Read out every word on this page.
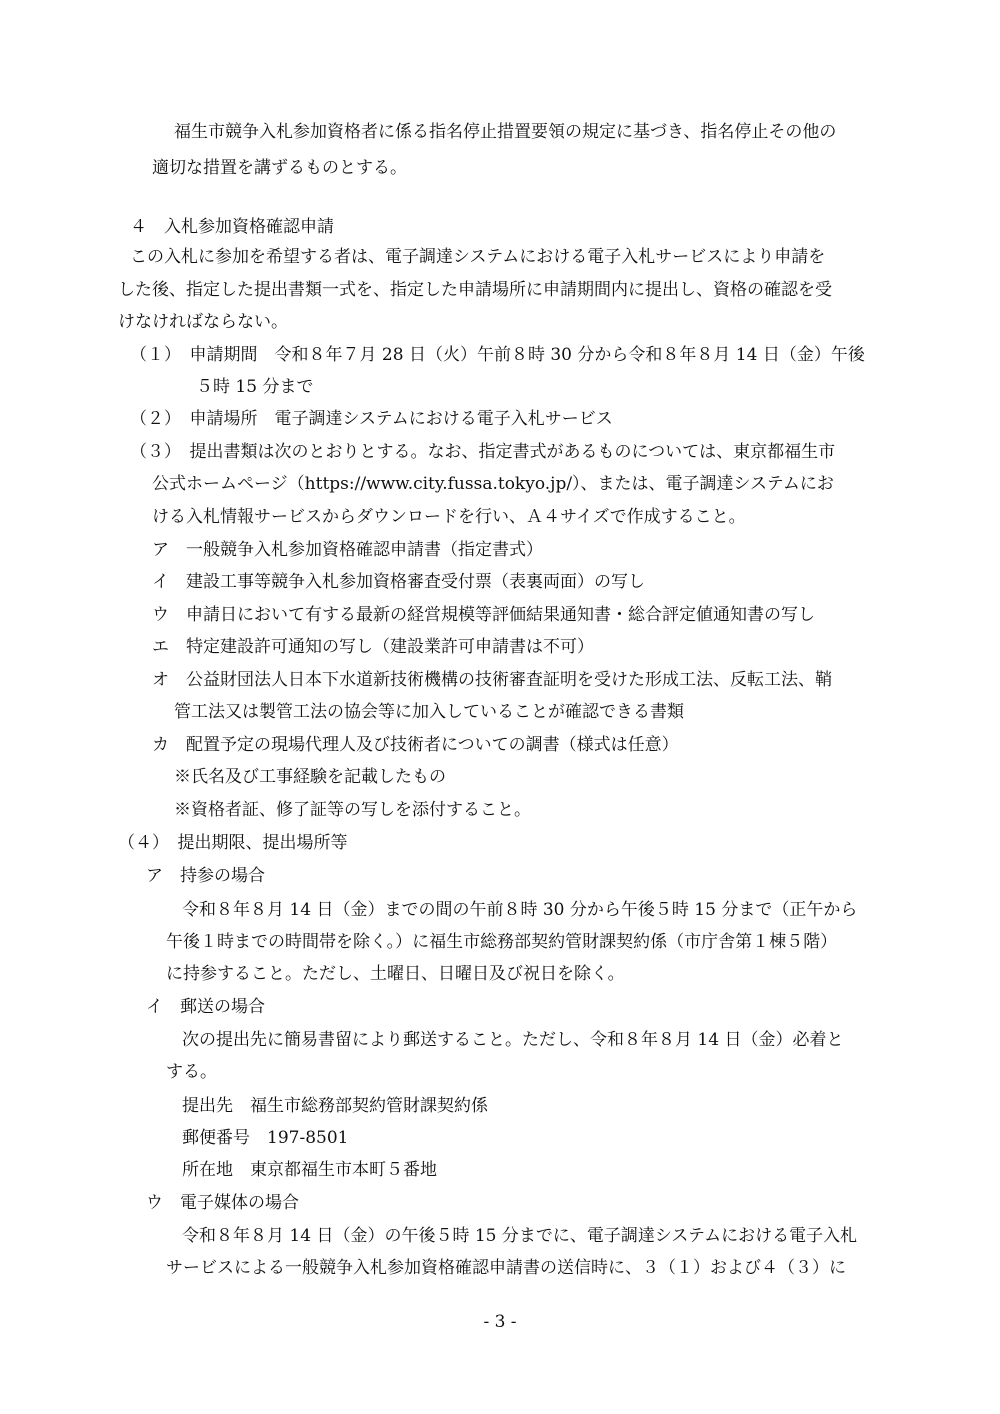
福生市競争入札参加資格者に係る指名停止措置要領の規定に基づき、指名停止その他の
適切な措置を講ずるものとする。
４　入札参加資格確認申請
この入札に参加を希望する者は、電子調達システムにおける電子入札サービスにより申請を
した後、指定した提出書類一式を、指定した申請場所に申請期間内に提出し、資格の確認を受
けなければならない。
（１）　申請期間　令和８年７月 28 日（火）午前８時 30 分から令和８年８月 14 日（金）午後
５時 15 分まで
（２）　申請場所　電子調達システムにおける電子入札サービス
（３）　提出書類は次のとおりとする。なお、指定書式があるものについては、東京都福生市
公式ホームページ（https://www.city.fussa.tokyo.jp/）、または、電子調達システムにお
ける入札情報サービスからダウンロードを行い、Ａ４サイズで作成すること。
ア　一般競争入札参加資格確認申請書（指定書式）
イ　建設工事等競争入札参加資格審査受付票（表裏両面）の写し
ウ　申請日において有する最新の経営規模等評価結果通知書・総合評定値通知書の写し
エ　特定建設許可通知の写し（建設業許可申請書は不可）
オ　公益財団法人日本下水道新技術機構の技術審査証明を受けた形成工法、反転工法、鞘
管工法又は製管工法の協会等に加入していることが確認できる書類
カ　配置予定の現場代理人及び技術者についての調書（様式は任意）
※氏名及び工事経験を記載したもの
※資格者証、修了証等の写しを添付すること。
（４）　提出期限、提出場所等
ア　持参の場合
令和８年８月 14 日（金）までの間の午前８時 30 分から午後５時 15 分まで（正午から
午後１時までの時間帯を除く。）に福生市総務部契約管財課契約係（市庁舎第１棟５階）
に持参すること。ただし、土曜日、日曜日及び祝日を除く。
イ　郵送の場合
次の提出先に簡易書留により郵送すること。ただし、令和８年８月 14 日（金）必着と
する。
提出先　福生市総務部契約管財課契約係
郵便番号　197-8501
所在地　東京都福生市本町５番地
ウ　電子媒体の場合
令和８年８月 14 日（金）の午後５時 15 分までに、電子調達システムにおける電子入札
サービスによる一般競争入札参加資格確認申請書の送信時に、３（１）および４（３）に
- 3 -
